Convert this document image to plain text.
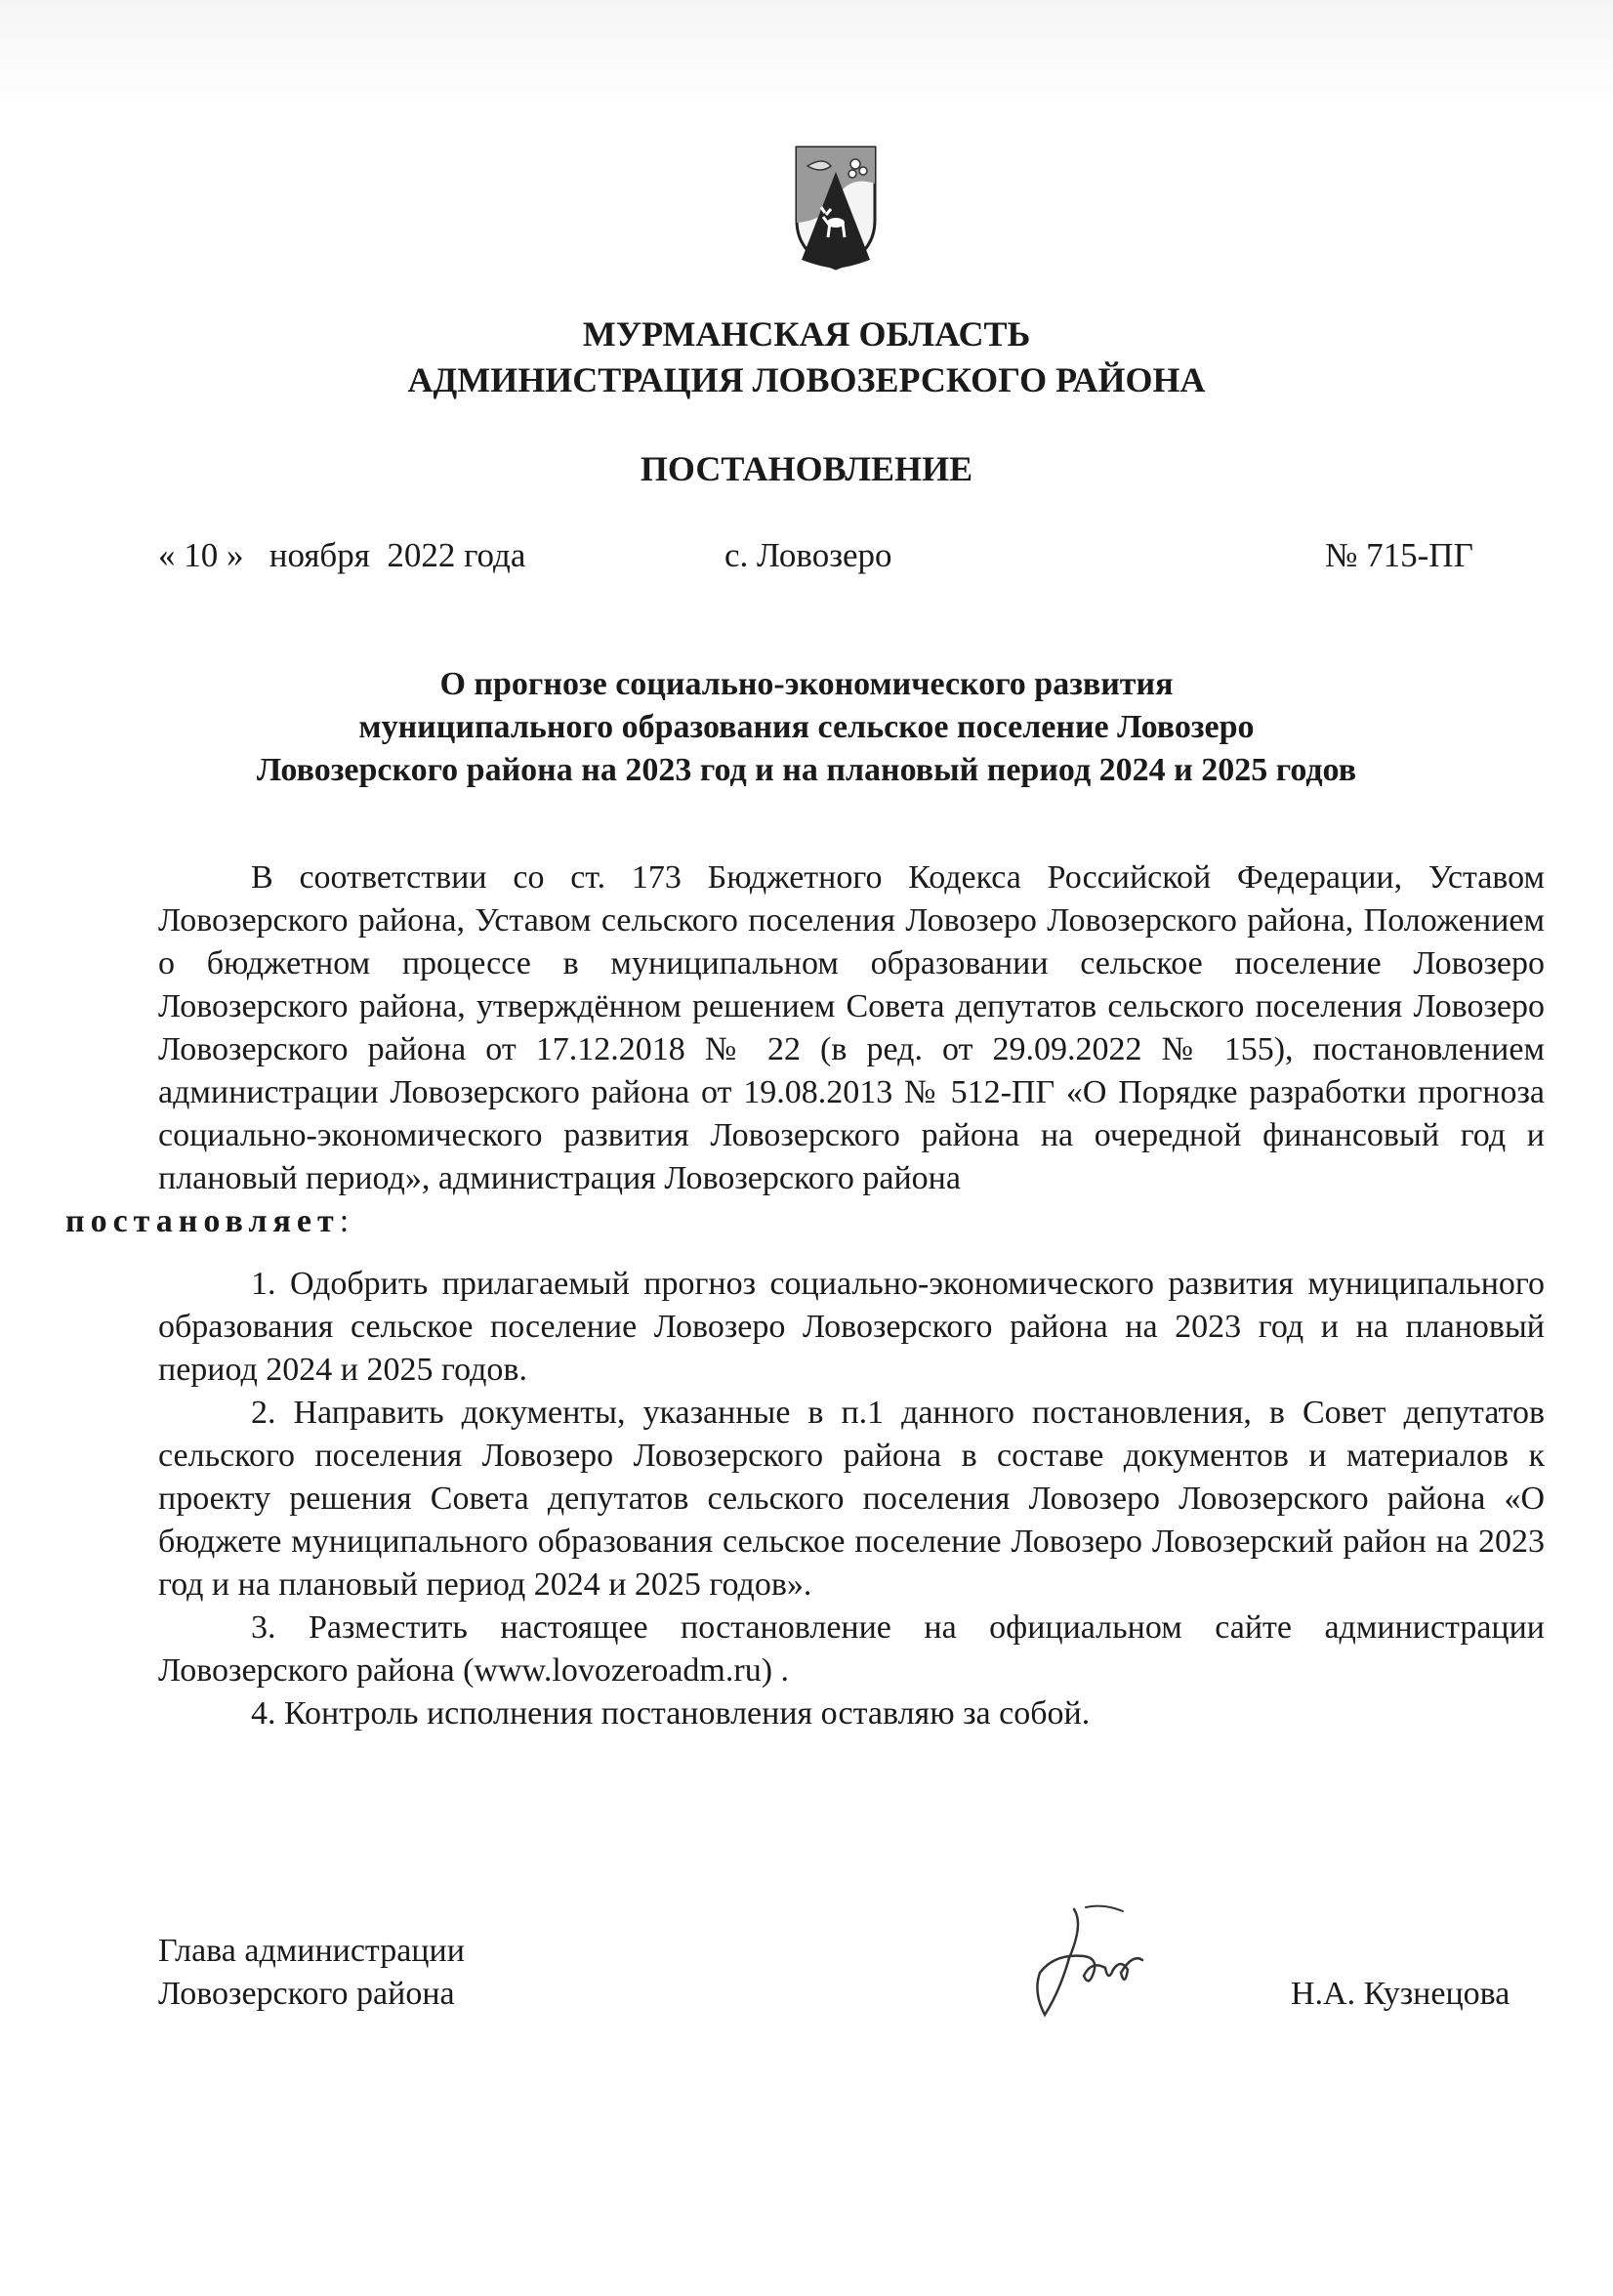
МУРМАНСКАЯ ОБЛАСТЬ
АДМИНИСТРАЦИЯ ЛОВОЗЕРСКОГО РАЙОНА
ПОСТАНОВЛЕНИЕ
« 10 »   ноября  2022 года	с. Ловозеро	№ 715-ПГ
О прогнозе социально-экономического развития
муниципального образования сельское поселение Ловозеро
Ловозерского района на 2023 год и на плановый период 2024 и 2025 годов

В соответствии со ст. 173 Бюджетного Кодекса Российской Федерации, Уставом Ловозерского района, Уставом сельского поселения Ловозеро Ловозерского района, Положением о бюджетном процессе в муниципальном образовании сельское поселение Ловозеро Ловозерского района, утверждённом решением Совета депутатов сельского поселения Ловозеро Ловозерского района от 17.12.2018 № 22 (в ред. от 29.09.2022 № 155), постановлением администрации Ловозерского района от 19.08.2013 № 512-ПГ «О Порядке разработки прогноза социально-экономического развития Ловозерского района на очередной финансовый год и плановый период», администрация Ловозерского района
постановляет:

1. Одобрить прилагаемый прогноз социально-экономического развития муниципального образования сельское поселение Ловозеро Ловозерского района на 2023 год и на плановый период 2024 и 2025 годов.

2. Направить документы, указанные в п.1 данного постановления, в Совет депутатов сельского поселения Ловозеро Ловозерского района в составе документов и материалов к проекту решения Совета депутатов сельского поселения Ловозеро Ловозерского района «О бюджете муниципального образования сельское поселение Ловозеро Ловозерский район на 2023 год и на плановый период 2024 и 2025 годов».

3. Разместить настоящее постановление на официальном сайте администрации Ловозерского района (www.lovozeroadm.ru) .

4. Контроль исполнения постановления оставляю за собой.

Глава администрации
Ловозерского района	Н.А. Кузнецова
